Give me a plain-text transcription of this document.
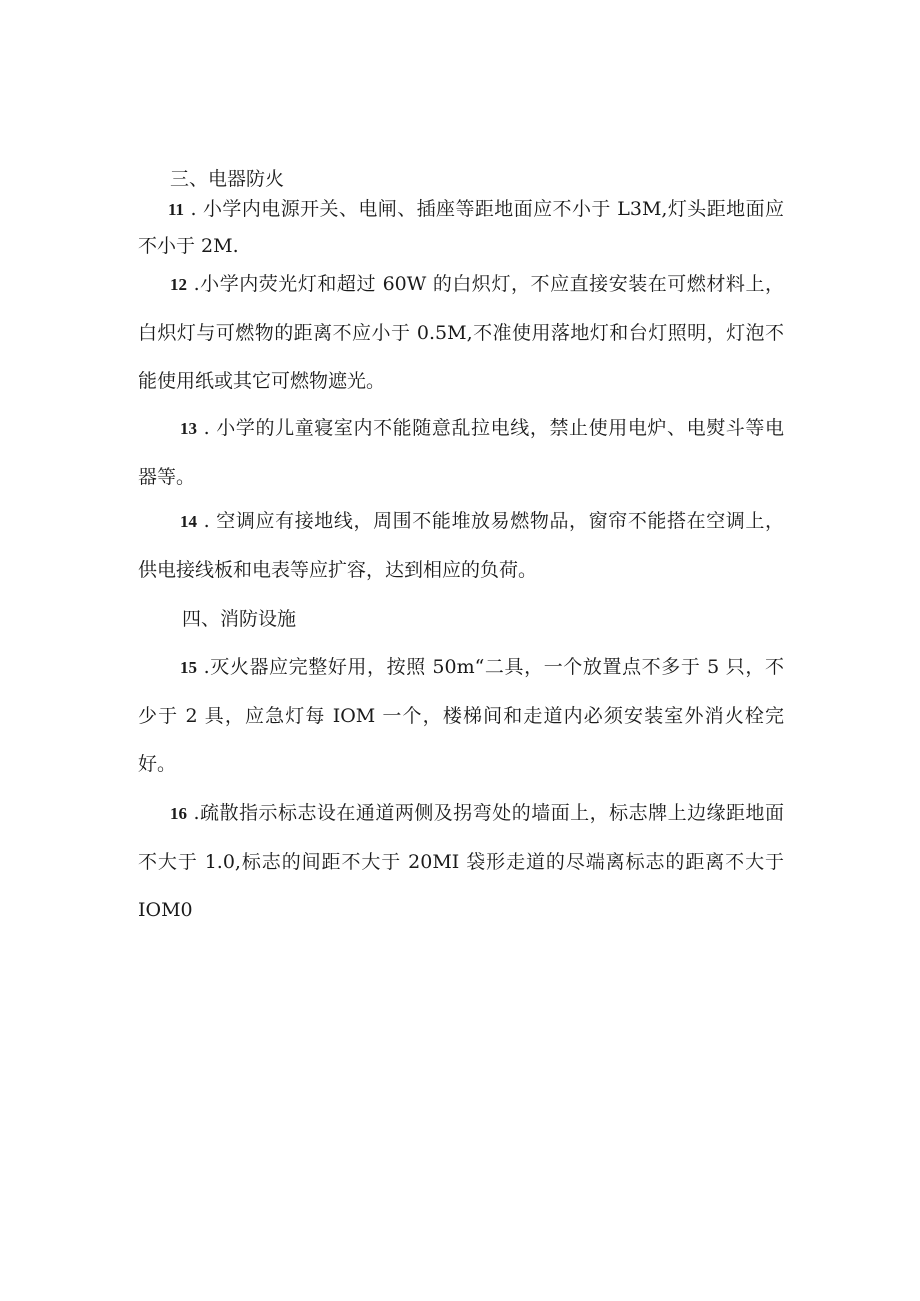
三、电器防火
11 . 小学内电源开关、电闸、插座等距地面应不小于 L3M,灯头距地面应不小于 2M.
12 .小学内荧光灯和超过 60W 的白炽灯，不应直接安装在可燃材料上，白炽灯与可燃物的距离不应小于 0.5M,不准使用落地灯和台灯照明，灯泡不能使用纸或其它可燃物遮光。
13 . 小学的儿童寝室内不能随意乱拉电线，禁止使用电炉、电熨斗等电器等。
14 . 空调应有接地线，周围不能堆放易燃物品，窗帘不能搭在空调上，供电接线板和电表等应扩容，达到相应的负荷。
四、消防设施
15 .灭火器应完整好用，按照 50m“二具，一个放置点不多于 5 只，不少于 2 具，应急灯每 IOM 一个，楼梯间和走道内必须安装室外消火栓完好。
16 .疏散指示标志设在通道两侧及拐弯处的墙面上，标志牌上边缘距地面不大于 1.0,标志的间距不大于 20MI 袋形走道的尽端离标志的距离不大于 IOM0
